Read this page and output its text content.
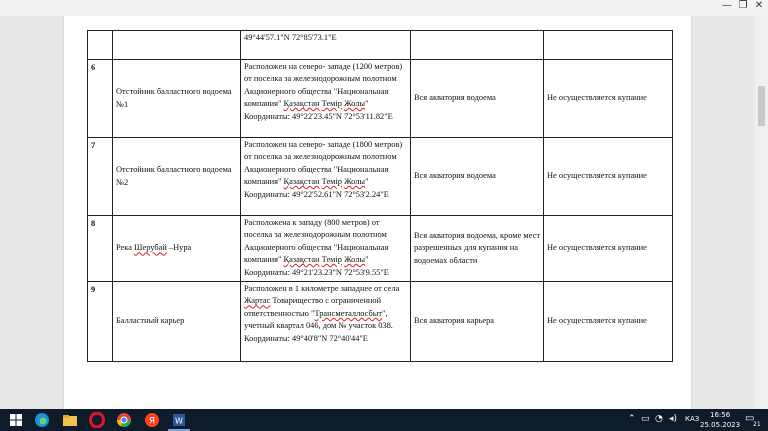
— ❐ ✕
		49°44'57.1"N 72°85'73.1"E		
6	Отстойник балластного водоема №1	Расположен на северо- западе (1200 метров) от поселка за железнодорожным полотном Акционерного общества "Национальная компания" Қазақстан Темір Жолы" Координаты: 49°22'23.45"N 72°53'11.82"E	Вся акватория водоема	Не осуществляется купание
7	Отстойник балластного водоема №2	Расположен на северо- западе (1800 метров) от поселка за железнодорожным полотном Акционерного общества "Национальная компания" Қазақстан Темір Жолы" Координаты: 49°22'52.61"N 72°53'2.24"E	Вся акватория водоема	Не осуществляется купание
8	Река Шерубай –Нура	Расположена к западу (800 метров) от поселка за железнодорожным полотном Акционерного общества "Национальная компания" Қазақстан Темір Жолы" Координаты: 49°21'23.23"N 72°53'9.55"E	Вся акватория водоема, кроме мест разрешенных для купания на водоемах области	Не осуществляется купание
9	Балластный карьер	Расположен в 1 километре западнее от села Жартас Товарищество с ограниченной ответственностью "Трансметаллосбыт", учетный квартал 046, дом № участок 038. Координаты: 49°40'8"N 72°40'44"E	Вся акватория карьера	Не осуществляется купание
Я W	⌃ ▭ ◔ ◂) КАЗ 16:56
25.05.2023
▭
21
